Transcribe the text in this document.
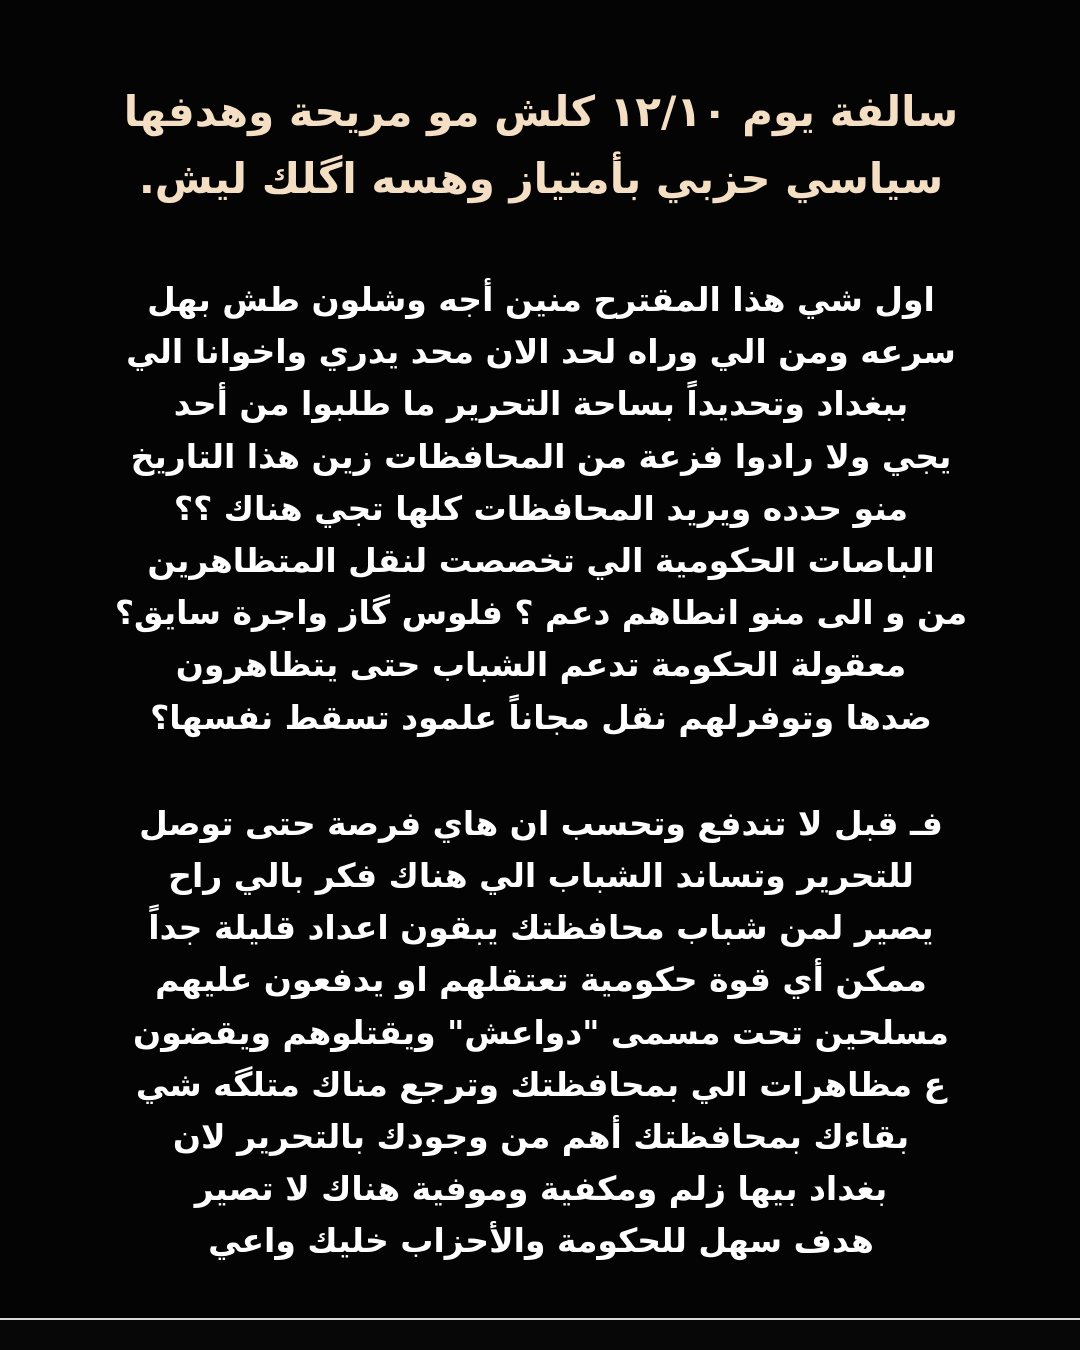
سالفة يوم ١٢/١٠ كلش مو مريحة وهدفها
سياسي حزبي بأمتياز وهسه اگلك ليش.

اول شي هذا المقترح منين أجه وشلون طش بهل
سرعه ومن الي وراه لحد الان محد يدري واخوانا الي
ببغداد وتحديداً بساحة التحرير ما طلبوا من أحد
يجي ولا رادوا فزعة من المحافظات زين هذا التاريخ
منو حدده ويريد المحافظات كلها تجي هناك ؟؟
الباصات الحكومية الي تخصصت لنقل المتظاهرين
من و الى منو انطاهم دعم ؟ فلوس گاز واجرة سايق؟
معقولة الحكومة تدعم الشباب حتى يتظاهرون
ضدها وتوفرلهم نقل مجاناً علمود تسقط نفسها؟

فـ قبل لا تندفع وتحسب ان هاي فرصة حتى توصل
للتحرير وتساند الشباب الي هناك فكر بالي راح
يصير لمن شباب محافظتك يبقون اعداد قليلة جداً
ممكن أي قوة حكومية تعتقلهم او يدفعون عليهم
مسلحين تحت مسمى "دواعش" ويقتلوهم ويقضون
ع مظاهرات الي بمحافظتك وترجع مناك متلگه شي
بقاءك بمحافظتك أهم من وجودك بالتحرير لان
بغداد بيها زلم ومكفية وموفية هناك لا تصير
هدف سهل للحكومة والأحزاب خليك واعي
